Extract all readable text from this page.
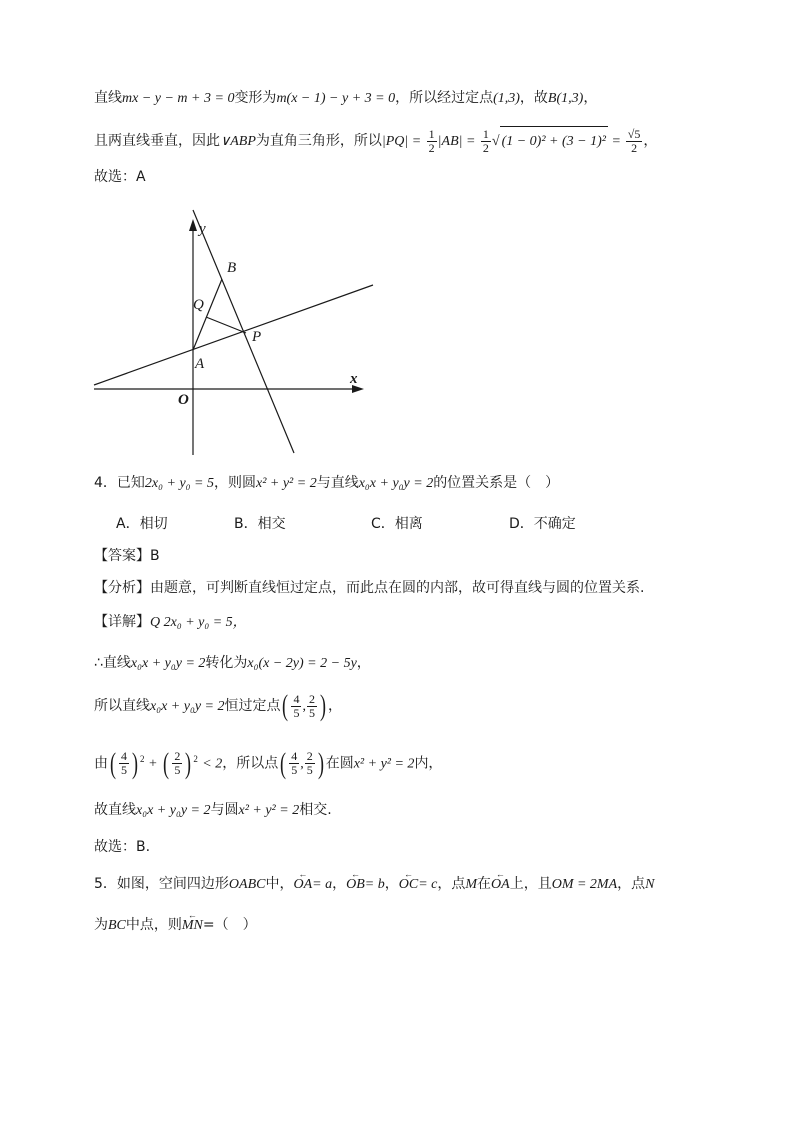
直线mx − y − m + 3 = 0变形为m(x − 1) − y + 3 = 0，所以经过定点(1,3)，故B(1,3)，
且两直线垂直，因此∨ABP为直角三角形，所以$|PQ| = \frac{1}{2} |AB| = \frac{1}{2}$ √ $(1 - 0)^2 + (3 - 1)^2 = \frac{√5}{2}$ ，
故选：A
y
x
O
A
B
Q
P
4．已知2x₀ + y₀ = 5，则圆x² + y² = 2与直线x₀x + y₀y = 2的位置关系是（　）
A．相切	B．相交	C．相离	D．不确定
【答案】B
【分析】由题意，可判断直线恒过定点，而此点在圆的内部，故可得直线与圆的位置关系.
【详解】Q 2x₀ + y₀ = 5，
∴直线x₀x + y₀y = 2转化为x₀(x − 2y) = 2 − 5y，
所以直线x₀x + y₀y = 2恒过定点( $\frac{4}{5}$ , $\frac{2}{5}$ ) ，
由( $\frac{4}{5}$ ) $^2$ + ( $\frac{2}{5}$ ) $^2$ < 2，所以点( $\frac{4}{5}$ , $\frac{2}{5}$ ) 在圆x² + y² = 2内，
故直线x₀x + y₀y = 2与圆x² + y² = 2相交.
故选：B.
5．如图，空间四边形OABC中，← OA= a，← OB= b，← OC= c，点M在← OA上，且OM = 2MA，点N
为BC中点，则← MN=（　）
